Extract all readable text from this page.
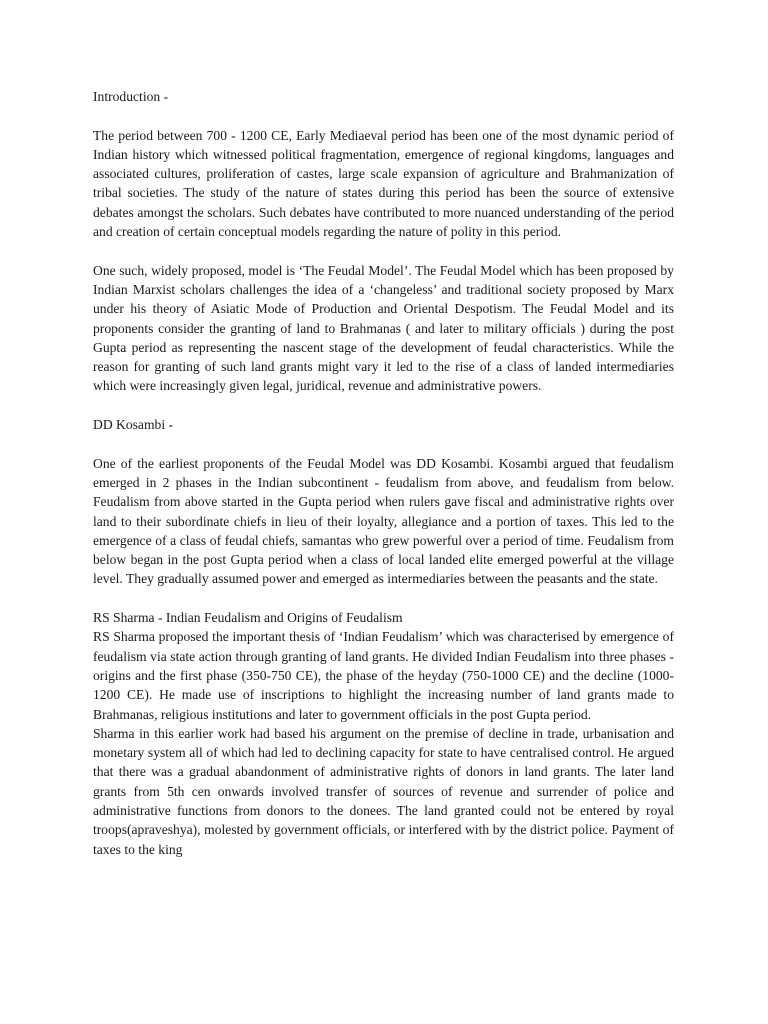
Introduction -

The period between 700 - 1200 CE, Early Mediaeval period has been one of the most dynamic period of Indian history which witnessed political fragmentation, emergence of regional kingdoms, languages and associated cultures, proliferation of castes, large scale expansion of agriculture and Brahmanization of tribal societies. The study of the nature of states during this period has been the source of extensive debates amongst the scholars. Such debates have contributed to more nuanced understanding of the period and creation of certain conceptual models regarding the nature of polity in this period.

One such, widely proposed, model is ‘The Feudal Model’. The Feudal Model which has been proposed by Indian Marxist scholars challenges the idea of a ‘changeless’ and traditional society proposed by Marx under his theory of Asiatic Mode of Production and Oriental Despotism. The Feudal Model and its proponents consider the granting of land to Brahmanas ( and later to military officials ) during the post Gupta period as representing the nascent stage of the development of feudal characteristics. While the reason for granting of such land grants might vary it led to the rise of a class of landed intermediaries which were increasingly given legal, juridical, revenue and administrative powers.

DD Kosambi -

One of the earliest proponents of the Feudal Model was DD Kosambi. Kosambi argued that feudalism emerged in 2 phases in the Indian subcontinent - feudalism from above, and feudalism from below. Feudalism from above started in the Gupta period when rulers gave fiscal and administrative rights over land to their subordinate chiefs in lieu of their loyalty, allegiance and a portion of taxes. This led to the emergence of a class of feudal chiefs, samantas who grew powerful over a period of time. Feudalism from below began in the post Gupta period when a class of local landed elite emerged powerful at the village level. They gradually assumed power and emerged as intermediaries between the peasants and the state.

RS Sharma - Indian Feudalism and Origins of Feudalism

RS Sharma proposed the important thesis of ‘Indian Feudalism’ which was characterised by emergence of feudalism via state action through granting of land grants. He divided Indian Feudalism into three phases - origins and the first phase (350-750 CE), the phase of the heyday (750-1000 CE) and the decline (1000-1200 CE). He made use of inscriptions to highlight the increasing number of land grants made to Brahmanas, religious institutions and later to government officials in the post Gupta period.

Sharma in this earlier work had based his argument on the premise of decline in trade, urbanisation and monetary system all of which had led to declining capacity for state to have centralised control. He argued that there was a gradual abandonment of administrative rights of donors in land grants. The later land grants from 5th cen onwards involved transfer of sources of revenue and surrender of police and administrative functions from donors to the donees. The land granted could not be entered by royal troops(apraveshya), molested by government officials, or interfered with by the district police. Payment of taxes to the king
